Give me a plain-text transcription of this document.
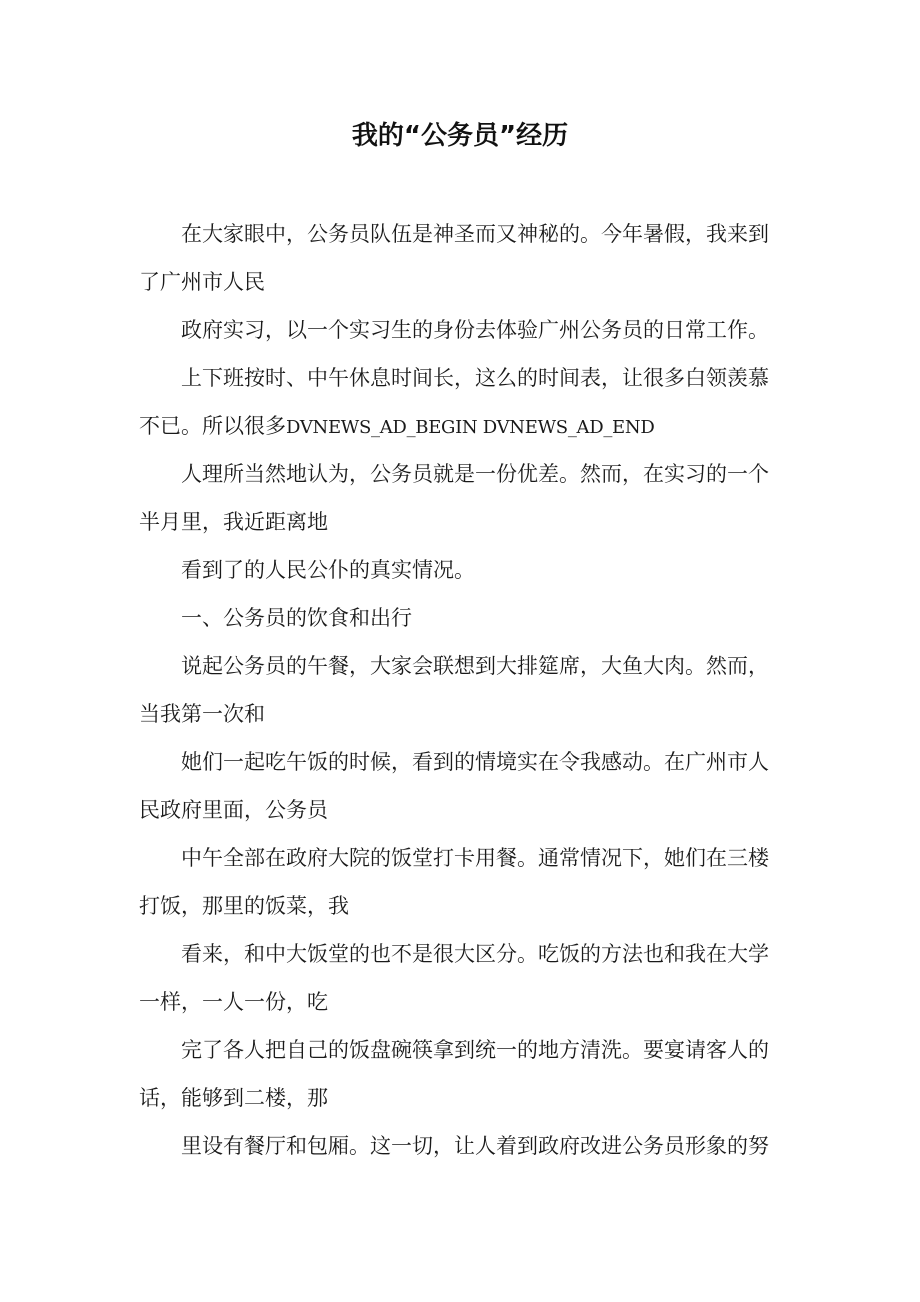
我的“公务员”经历
在大家眼中，公务员队伍是神圣而又神秘的。今年暑假，我来到
了广州市人民
政府实习，以一个实习生的身份去体验广州公务员的日常工作。
上下班按时、中午休息时间长，这么的时间表，让很多白领羡慕
不已。所以很多DVNEWS_AD_BEGIN DVNEWS_AD_END
人理所当然地认为，公务员就是一份优差。然而，在实习的一个
半月里，我近距离地
看到了的人民公仆的真实情况。
一、公务员的饮食和出行
说起公务员的午餐，大家会联想到大排筵席，大鱼大肉。然而，
当我第一次和
她们一起吃午饭的时候，看到的情境实在令我感动。在广州市人
民政府里面，公务员
中午全部在政府大院的饭堂打卡用餐。通常情况下，她们在三楼
打饭，那里的饭菜，我
看来，和中大饭堂的也不是很大区分。吃饭的方法也和我在大学
一样，一人一份，吃
完了各人把自己的饭盘碗筷拿到统一的地方清洗。要宴请客人的
话，能够到二楼，那
里设有餐厅和包厢。这一切，让人着到政府改进公务员形象的努
